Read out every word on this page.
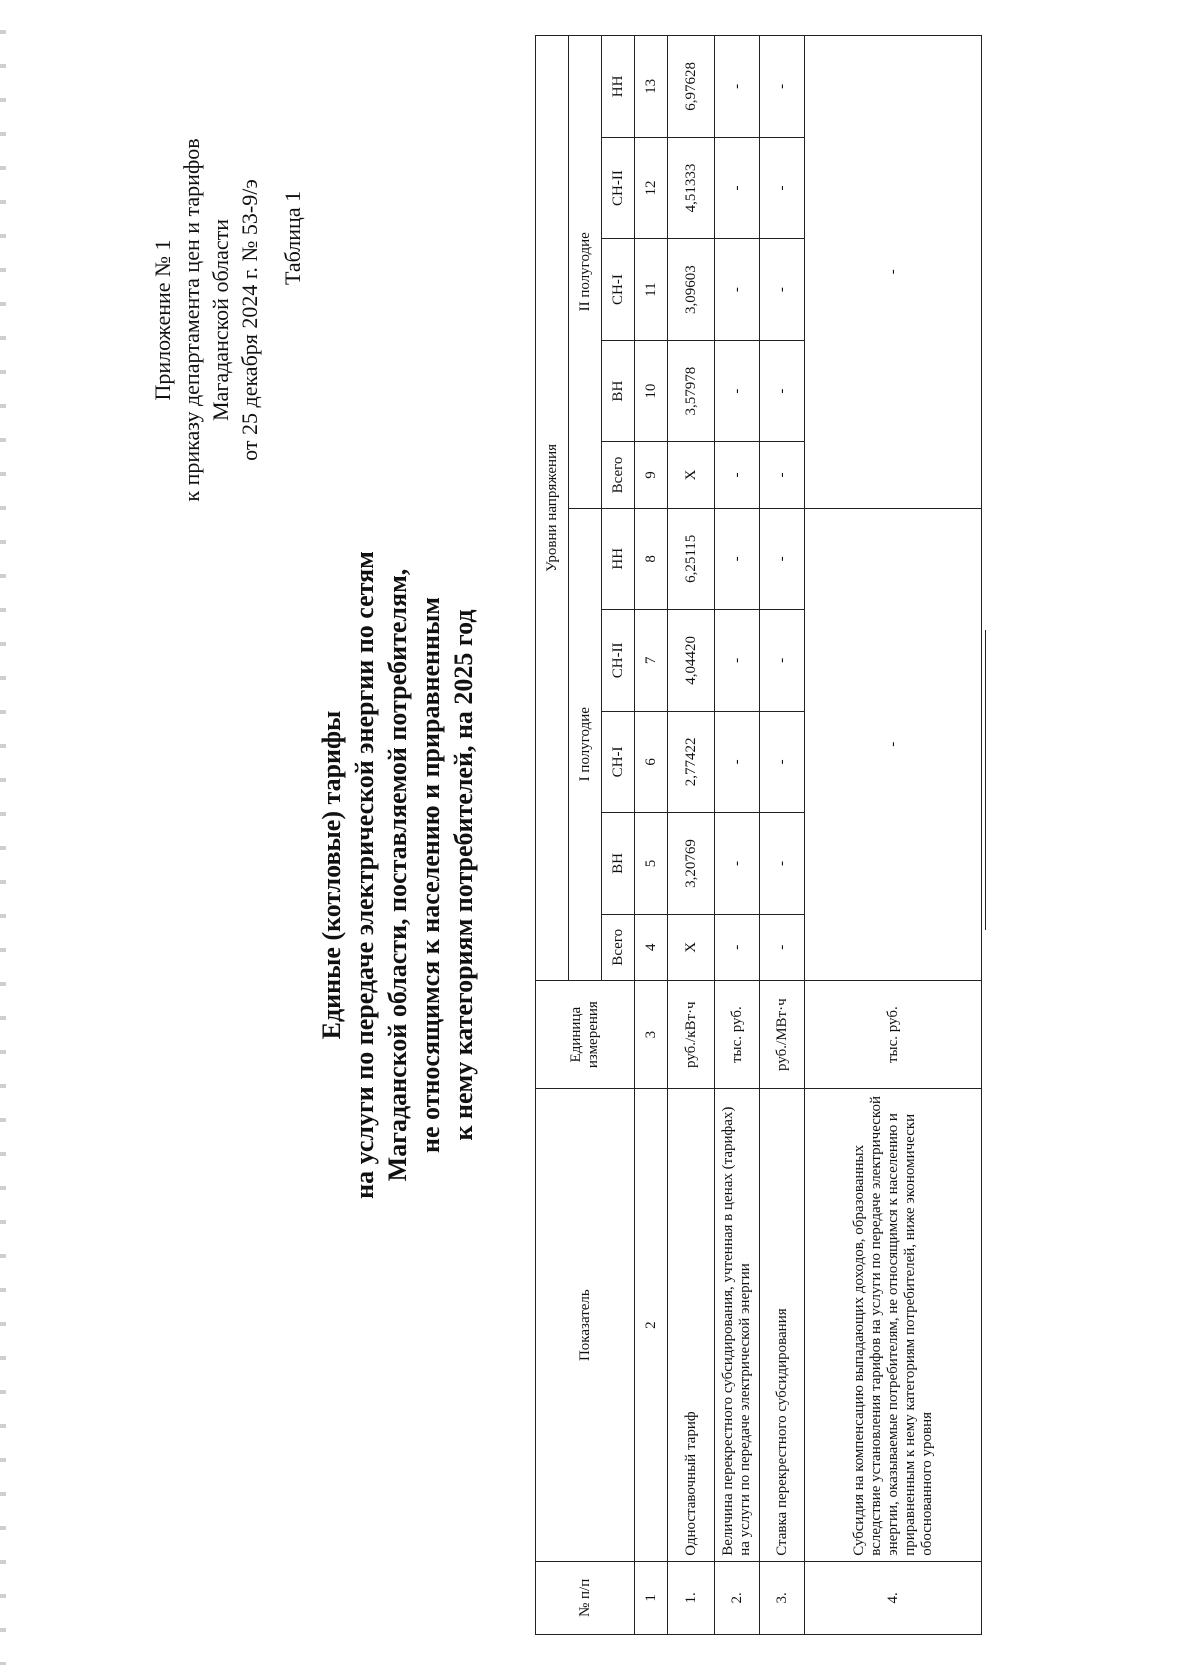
Приложение № 1 к приказу департамента цен и тарифов Магаданской области от 25 декабря 2024 г. № 53-9/э Таблица 1
Единые (котловые) тарифы на услуги по передаче электрической энергии по сетям Магаданской области, поставляемой потребителям, не относящимся к населению и приравненным к нему категориям потребителей, на 2025 год
№ п/п	Показатель	Единица измерения	Уровни напряжения									
			I полугодие					II полугодие				
			Всего	ВН	СН-I	СН-II	НН	Всего	ВН	СН-I	СН-II	НН
1	2	3	4	5	6	7	8	9	10	11	12	13
1.	Одноставочный тариф	руб./кВт·ч	X	3,20769	2,77422	4,04420	6,25115	X	3,57978	3,09603	4,51333	6,97628
2.	Величина перекрестного субсидирования, учтенная в ценах (тарифах) на услуги по передаче электрической энергии	тыс. руб.	-	-	-	-	-	-	-	-	-	-
3.	Ставка перекрестного субсидирования	руб./МВт·ч	-	-	-	-	-	-	-	-	-	-
4.	Субсидия на компенсацию выпадающих доходов, образованных вследствие установления тарифов на услуги по передаче электрической энергии, оказываемые потребителям, не относящимся к населению и приравненным к нему категориям потребителей, ниже экономически обоснованного уровня	тыс. руб.	-					-				
